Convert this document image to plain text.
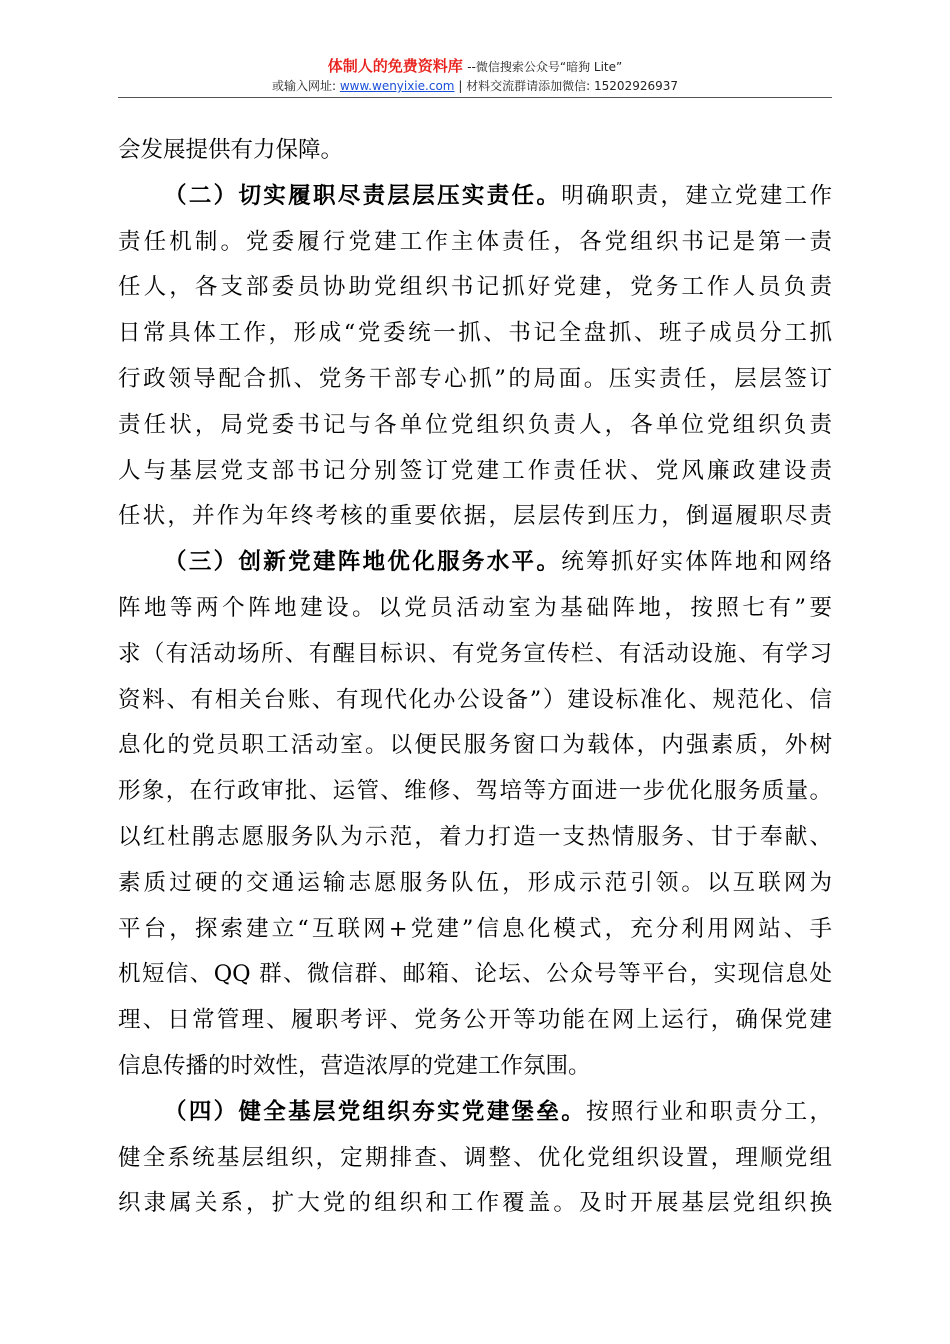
体制人的免费资料库 --微信搜索公众号“暗狗 Lite”
或输入网址: www.wenyixie.com | 材料交流群请添加微信: 15202926937
会发展提供有力保障。
（二）切实履职尽责层层压实责任。明确职责，建立党建工作
责任机制。党委履行党建工作主体责任，各党组织书记是第一责
任人，各支部委员协助党组织书记抓好党建，党务工作人员负责
日常具体工作，形成“党委统一抓、书记全盘抓、班子成员分工抓
行政领导配合抓、党务干部专心抓”的局面。压实责任，层层签订
责任状，局党委书记与各单位党组织负责人，各单位党组织负责
人与基层党支部书记分别签订党建工作责任状、党风廉政建设责
任状，并作为年终考核的重要依据，层层传到压力，倒逼履职尽责
（三）创新党建阵地优化服务水平。统筹抓好实体阵地和网络
阵地等两个阵地建设。以党员活动室为基础阵地，按照七有”要
求（有活动场所、有醒目标识、有党务宣传栏、有活动设施、有学习
资料、有相关台账、有现代化办公设备”）建设标准化、规范化、信
息化的党员职工活动室。以便民服务窗口为载体，内强素质，外树
形象，在行政审批、运管、维修、驾培等方面进一步优化服务质量。
以红杜鹃志愿服务队为示范，着力打造一支热情服务、甘于奉献、
素质过硬的交通运输志愿服务队伍，形成示范引领。以互联网为
平台，探索建立“互联网+党建”信息化模式，充分利用网站、手
机短信、QQ 群、微信群、邮箱、论坛、公众号等平台，实现信息处
理、日常管理、履职考评、党务公开等功能在网上运行，确保党建
信息传播的时效性，营造浓厚的党建工作氛围。
（四）健全基层党组织夯实党建堡垒。按照行业和职责分工，
健全系统基层组织，定期排查、调整、优化党组织设置，理顺党组
织隶属关系，扩大党的组织和工作覆盖。及时开展基层党组织换
